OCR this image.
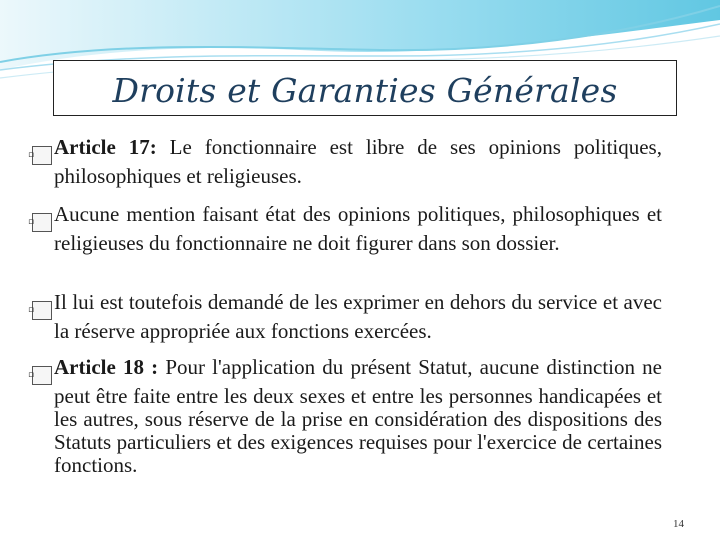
Droits et Garanties Générales
▫ Article 17: Le fonctionnaire est libre de ses opinions politiques, philosophiques et religieuses.
▫ Aucune mention faisant état des opinions politiques, philosophiques et religieuses du fonctionnaire ne doit figurer dans son dossier.
▫ Il lui est toutefois demandé de les exprimer en dehors du service et avec la réserve appropriée aux fonctions exercées.
▫ Article 18 : Pour l'application du présent Statut, aucune distinction ne peut être faite entre les deux sexes et entre les personnes handicapées et les autres, sous réserve de la prise en considération des dispositions des Statuts particuliers et des exigences requises pour l'exercice de certaines fonctions.
14
